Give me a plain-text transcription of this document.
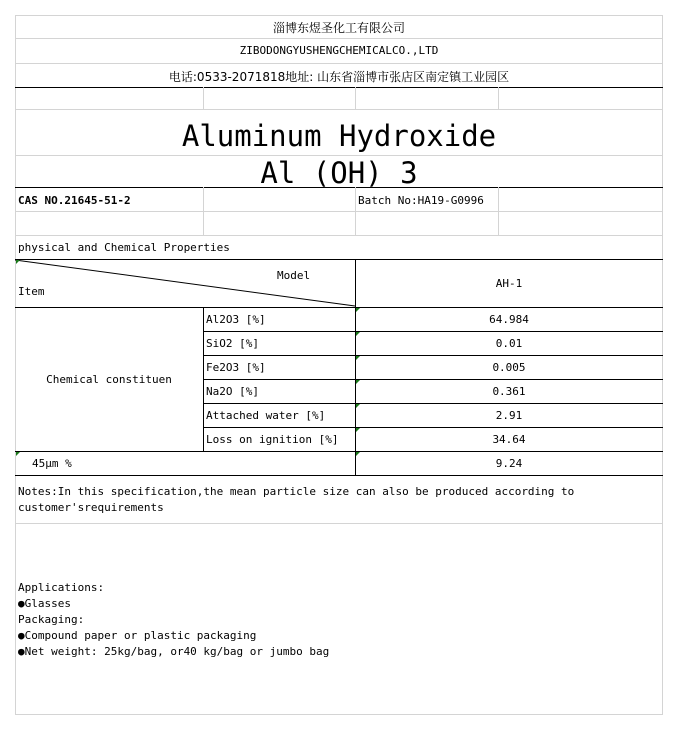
淄博东煜圣化工有限公司
ZIBODONGYUSHENGCHEMICALCO.,LTD
电话:0533-2071818地址: 山东省淄博市张店区南定镇工业园区
Aluminum Hydroxide
Al (OH) 3
CAS NO.21645-51-2	Batch No:HA19-G0996
physical and Chemical Properties
Model
Item
AH-1
Chemical constituen
Al2O3 [%]	64.984
SiO2 [%]	0.01
Fe2O3 [%]	0.005
Na2O [%]	0.361
Attached water [%]	2.91
Loss on ignition [%]	34.64
45μm %	9.24
Notes:In this specification,the mean particle size can also be produced according to
customer'srequirements
Applications:
●Glasses
Packaging:
●Compound paper or plastic packaging
●Net weight: 25kg/bag, or40 kg/bag or jumbo bag
